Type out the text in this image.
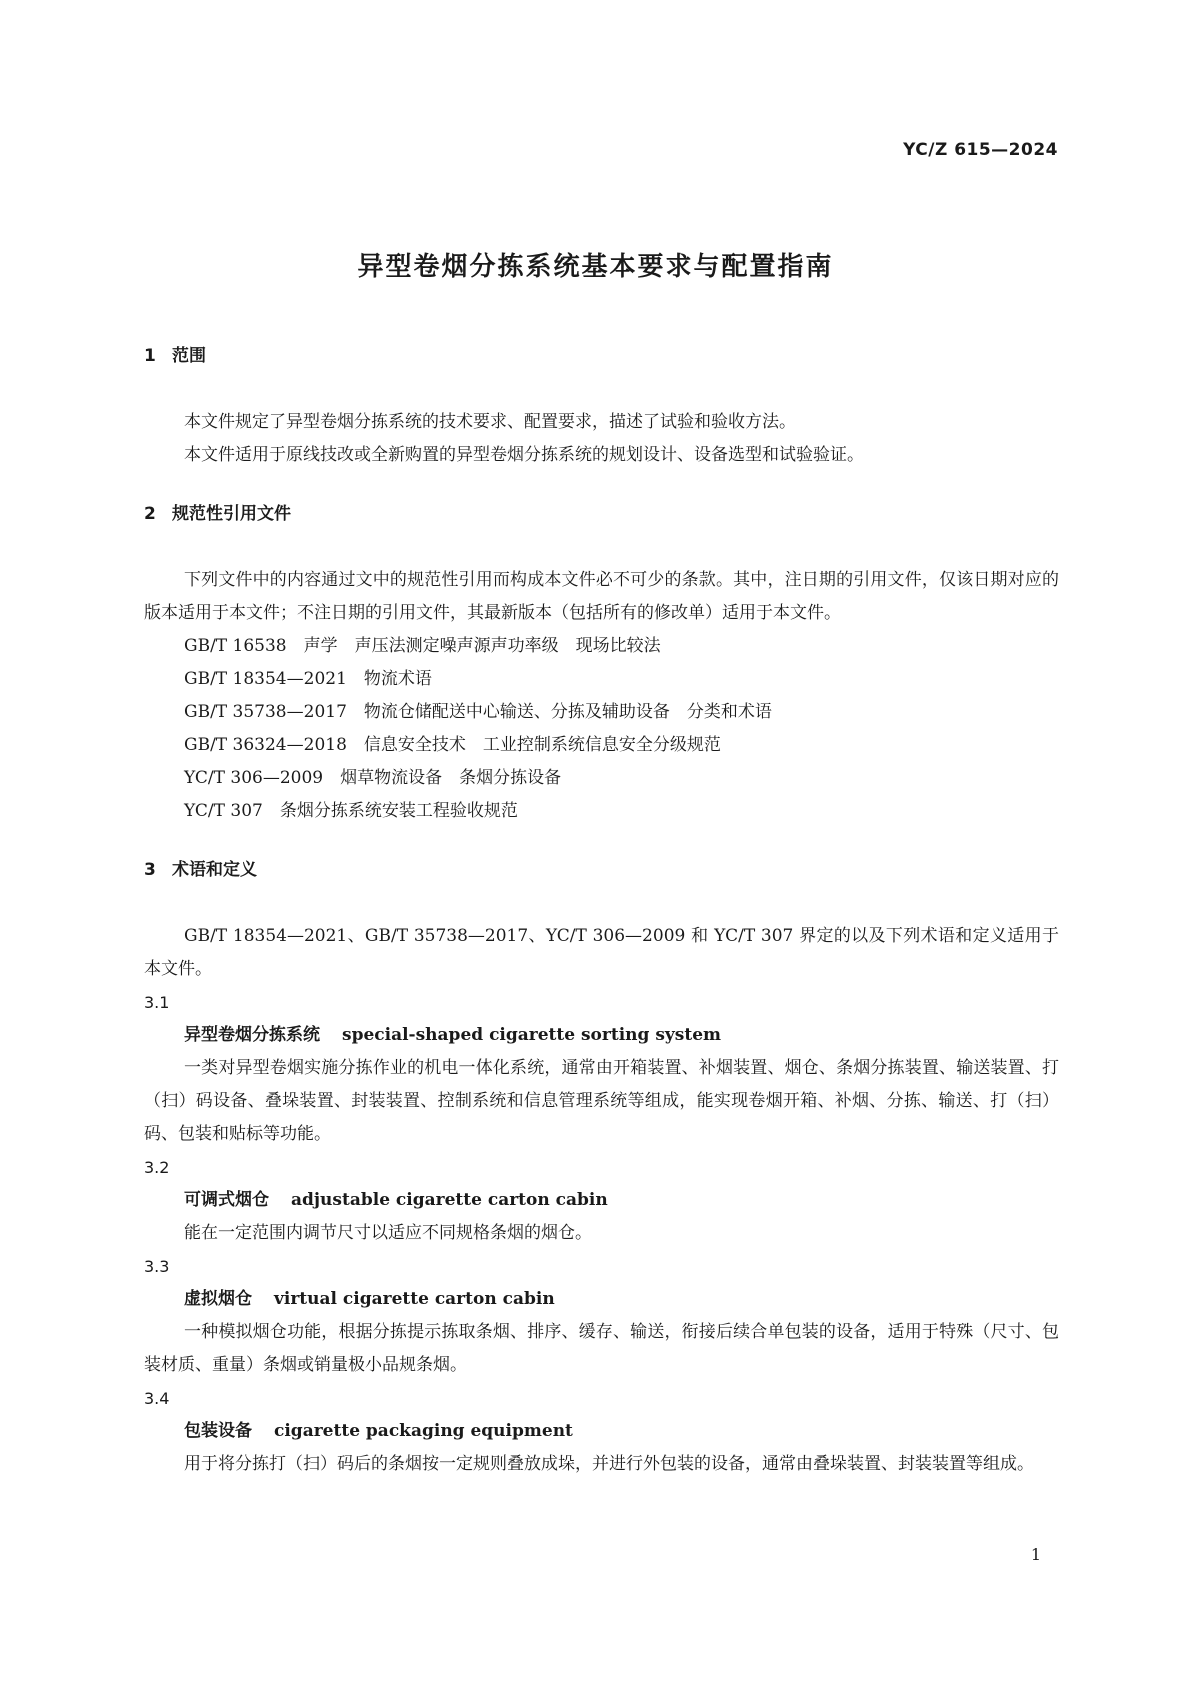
YC/Z 615—2024
异型卷烟分拣系统基本要求与配置指南

1 范围

本文件规定了异型卷烟分拣系统的技术要求、配置要求，描述了试验和验收方法。

本文件适用于原线技改或全新购置的异型卷烟分拣系统的规划设计、设备选型和试验验证。

2 规范性引用文件

下列文件中的内容通过文中的规范性引用而构成本文件必不可少的条款。其中，注日期的引用文件，仅该日期对应的版本适用于本文件；不注日期的引用文件，其最新版本（包括所有的修改单）适用于本文件。

GB/T 16538　声学　声压法测定噪声源声功率级　现场比较法

GB/T 18354—2021　物流术语

GB/T 35738—2017　物流仓储配送中心输送、分拣及辅助设备　分类和术语

GB/T 36324—2018　信息安全技术　工业控制系统信息安全分级规范

YC/T 306—2009　烟草物流设备　条烟分拣设备

YC/T 307　条烟分拣系统安装工程验收规范

3 术语和定义

GB/T 18354—2021、GB/T 35738—2017、YC/T 306—2009 和 YC/T 307 界定的以及下列术语和定义适用于本文件。

3.1

异型卷烟分拣系统 special-shaped cigarette sorting system

一类对异型卷烟实施分拣作业的机电一体化系统，通常由开箱装置、补烟装置、烟仓、条烟分拣装置、输送装置、打（扫）码设备、叠垛装置、封装装置、控制系统和信息管理系统等组成，能实现卷烟开箱、补烟、分拣、输送、打（扫）码、包装和贴标等功能。

3.2

可调式烟仓 adjustable cigarette carton cabin

能在一定范围内调节尺寸以适应不同规格条烟的烟仓。

3.3

虚拟烟仓 virtual cigarette carton cabin

一种模拟烟仓功能，根据分拣提示拣取条烟、排序、缓存、输送，衔接后续合单包装的设备，适用于特殊（尺寸、包装材质、重量）条烟或销量极小品规条烟。

3.4

包装设备 cigarette packaging equipment

用于将分拣打（扫）码后的条烟按一定规则叠放成垛，并进行外包装的设备，通常由叠垛装置、封装装置等组成。

1
